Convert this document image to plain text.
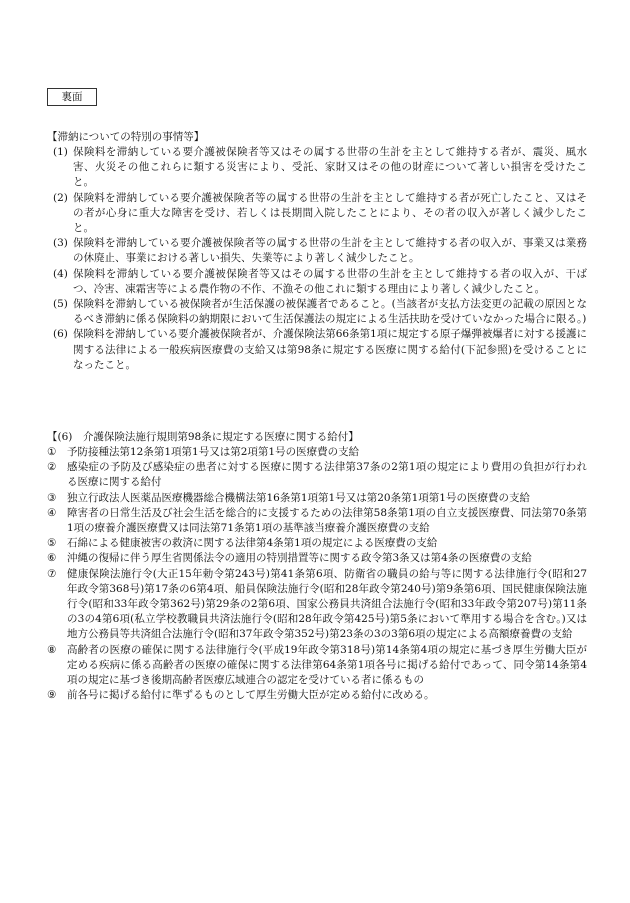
裏面

【滞納についての特別の事情等】

(1) 保険料を滞納している要介護被保険者等又はその属する世帯の生計を主として維持する者が、震災、風水害、火災その他これらに類する災害により、受託、家財又はその他の財産について著しい損害を受けたこと。

(2) 保険料を滞納している要介護被保険者等の属する世帯の生計を主として維持する者が死亡したこと、又はその者が心身に重大な障害を受け、若しくは長期間入院したことにより、その者の収入が著しく減少したこと。

(3) 保険料を滞納している要介護被保険者等の属する世帯の生計を主として維持する者の収入が、事業又は業務の休廃止、事業における著しい損失、失業等により著しく減少したこと。

(4) 保険料を滞納している要介護被保険者等又はその属する世帯の生計を主として維持する者の収入が、干ばつ、冷害、凍霜害等による農作物の不作、不漁その他これに類する理由により著しく減少したこと。

(5) 保険料を滞納している被保険者が生活保護の被保護者であること。(当該者が支払方法変更の記載の原因となるべき滞納に係る保険料の納期限において生活保護法の規定による生活扶助を受けていなかった場合に限る。)

(6) 保険料を滞納している要介護被保険者が、介護保険法第66条第1項に規定する原子爆弾被爆者に対する援護に関する法律による一般疾病医療費の支給又は第98条に規定する医療に関する給付(下記参照)を受けることになったこと。

【(6)　介護保険法施行規則第98条に規定する医療に関する給付】

① 予防接種法第12条第1項第1号又は第2項第1号の医療費の支給

② 感染症の予防及び感染症の患者に対する医療に関する法律第37条の2第1項の規定により費用の負担が行われる医療に関する給付

③ 独立行政法人医薬品医療機器総合機構法第16条第1項第1号又は第20条第1項第1号の医療費の支給

④ 障害者の日常生活及び社会生活を総合的に支援するための法律第58条第1項の自立支援医療費、同法第70条第1項の療養介護医療費又は同法第71条第1項の基準該当療養介護医療費の支給

⑤ 石綿による健康被害の救済に関する法律第4条第1項の規定による医療費の支給

⑥ 沖縄の復帰に伴う厚生省関係法令の適用の特別措置等に関する政令第3条又は第4条の医療費の支給

⑦ 健康保険法施行令(大正15年勅令第243号)第41条第6項、防衛省の職員の給与等に関する法律施行令(昭和27年政令第368号)第17条の6第4項、船員保険法施行令(昭和28年政令第240号)第9条第6項、国民健康保険法施行令(昭和33年政令第362号)第29条の2第6項、国家公務員共済組合法施行令(昭和33年政令第207号)第11条の3の4第6項(私立学校教職員共済法施行令(昭和28年政令第425号)第5条において準用する場合を含む。)又は地方公務員等共済組合法施行令(昭和37年政令第352号)第23条の3の3第6項の規定による高額療養費の支給

⑧ 高齢者の医療の確保に関する法律施行令(平成19年政令第318号)第14条第4項の規定に基づき厚生労働大臣が定める疾病に係る高齢者の医療の確保に関する法律第64条第1項各号に掲げる給付であって、同令第14条第4項の規定に基づき後期高齢者医療広域連合の認定を受けている者に係るもの

⑨ 前各号に掲げる給付に準ずるものとして厚生労働大臣が定める給付に改める。
